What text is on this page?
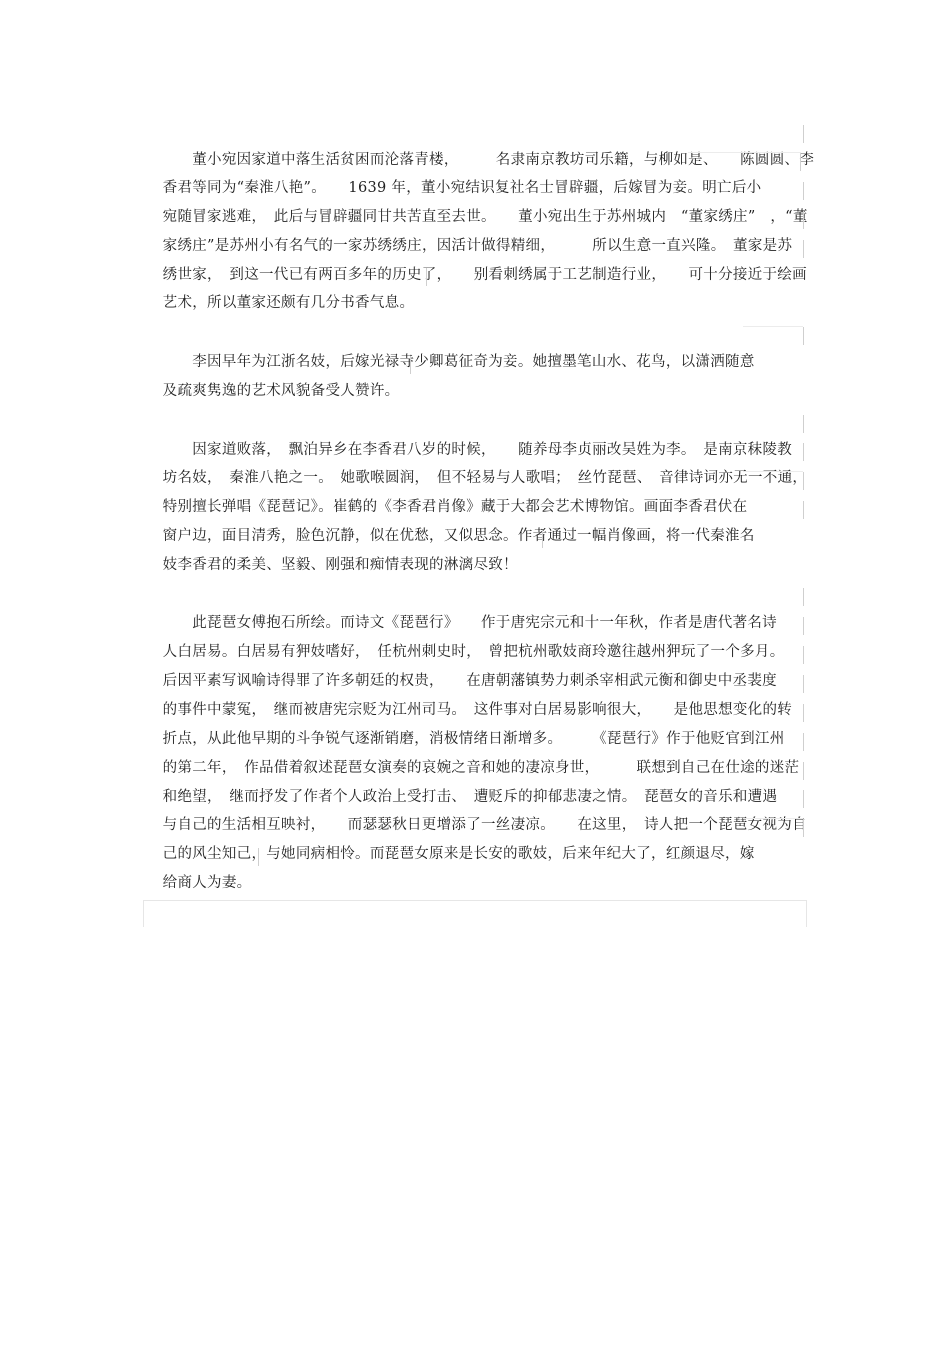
　　董小宛因家道中落生活贫困而沦落青楼，　　　名隶南京教坊司乐籍，与柳如是、　　陈圆圆、李

香君等同为“秦淮八艳”。　　1639 年，董小宛结识复社名士冒辟疆，后嫁冒为妾。明亡后小

宛随冒家逃难，　此后与冒辟疆同甘共苦直至去世。　　董小宛出生于苏州城内　“董家绣庄”　，“董

家绣庄”是苏州小有名气的一家苏绣绣庄，因活计做得精细，　　　所以生意一直兴隆。　董家是苏

绣世家，　到这一代已有两百多年的历史了，　　别看刺绣属于工艺制造行业，　　可十分接近于绘画

艺术，所以董家还颇有几分书香气息。

　　李因早年为江浙名妓，后嫁光禄寺少卿葛征奇为妾。她擅墨笔山水、花鸟，以潇洒随意

及疏爽隽逸的艺术风貌备受人赞许。

　　因家道败落，　飘泊异乡在李香君八岁的时候，　　随养母李贞丽改吴姓为李。　是南京秣陵教

坊名妓，　秦淮八艳之一。　她歌喉圆润，　但不轻易与人歌唱；　丝竹琵琶、　音律诗词亦无一不通，

特别擅长弹唱《琵琶记》。崔鹤的《李香君肖像》藏于大都会艺术博物馆。画面李香君伏在

窗户边，面目清秀，脸色沉静，似在优愁，又似思念。作者通过一幅肖像画，将一代秦淮名

妓李香君的柔美、坚毅、刚强和痴情表现的淋漓尽致！

　　此琵琶女傅抱石所绘。而诗文《琵琶行》　　作于唐宪宗元和十一年秋，作者是唐代著名诗

人白居易。白居易有狎妓嗜好，　任杭州刺史时，　曾把杭州歌妓商玲邀往越州狎玩了一个多月。

后因平素写讽喻诗得罪了许多朝廷的权贵，　　在唐朝藩镇势力刺杀宰相武元衡和御史中丞裴度

的事件中蒙冤，　继而被唐宪宗贬为江州司马。　这件事对白居易影响很大，　　是他思想变化的转

折点，从此他早期的斗争锐气逐渐销磨，消极情绪日渐增多。　　　《琵琶行》作于他贬官到江州

的第二年，　作品借着叙述琵琶女演奏的哀婉之音和她的凄凉身世，　　　联想到自己在仕途的迷茫

和绝望，　继而抒发了作者个人政治上受打击、　遭贬斥的抑郁悲凄之情。　琵琶女的音乐和遭遇

与自己的生活相互映衬，　　而瑟瑟秋日更增添了一丝凄凉。　　在这里，　诗人把一个琵琶女视为自

己的风尘知己，与她同病相怜。而琵琶女原来是长安的歌妓，后来年纪大了，红颜退尽，嫁

给商人为妻。
